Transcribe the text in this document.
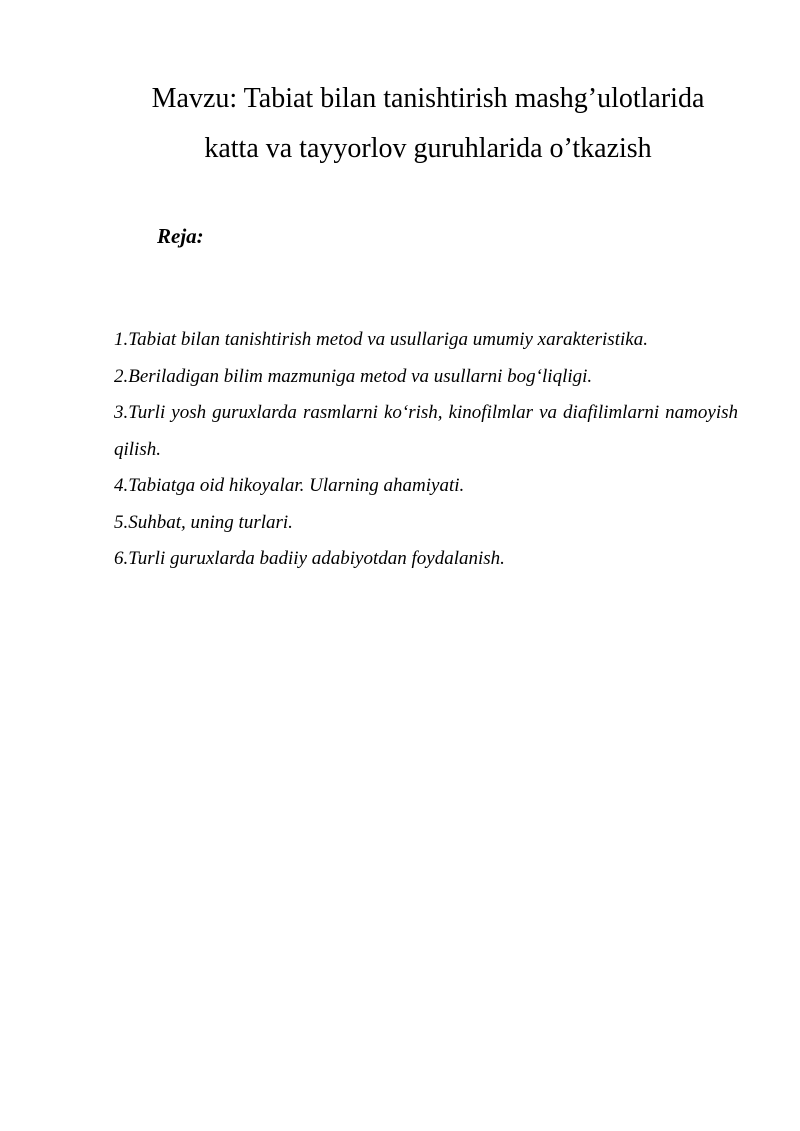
Mavzu: Tabiat bilan tanishtirish mashg’ulotlarida
katta va tayyorlov guruhlarida o’tkazish

Reja:

1.Tabiat bilan tanishtirish metod va usullariga umumiy xarakteristika.
2.Beriladigan bilim mazmuniga metod va usullarni bog‘liqligi.
3.Turli yosh guruxlarda rasmlarni ko‘rish, kinofilmlar va diafilimlarni namoyish qilish.
4.Tabiatga oid hikoyalar. Ularning ahamiyati.
5.Suhbat, uning turlari.
6.Turli guruxlarda badiiy adabiyotdan foydalanish.
